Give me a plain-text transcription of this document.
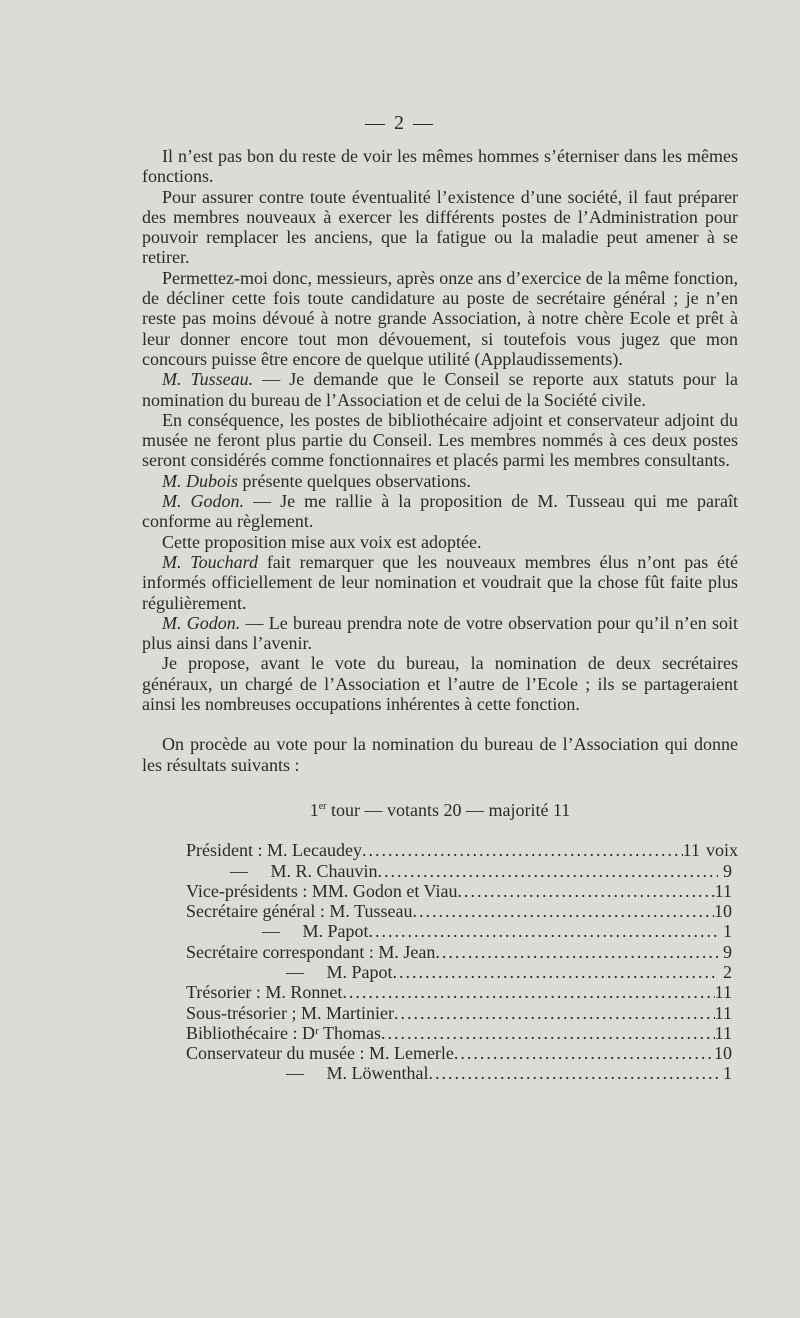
— 2 —

Il n’est pas bon du reste de voir les mêmes hommes s’éterniser dans les mêmes fonctions.

Pour assurer contre toute éventualité l’existence d’une société, il faut préparer des membres nouveaux à exercer les différents postes de l’Administration pour pouvoir remplacer les anciens, que la fatigue ou la maladie peut amener à se retirer.

Permettez-moi donc, messieurs, après onze ans d’exercice de la même fonction, de décliner cette fois toute candidature au poste de secrétaire général ; je n’en reste pas moins dévoué à notre grande Association, à notre chère Ecole et prêt à leur donner encore tout mon dévouement, si toutefois vous jugez que mon concours puisse être encore de quelque utilité (Applaudissements).

M. Tusseau. — Je demande que le Conseil se reporte aux statuts pour la nomination du bureau de l’Association et de celui de la Société civile.

En conséquence, les postes de bibliothécaire adjoint et conservateur adjoint du musée ne feront plus partie du Conseil. Les membres nommés à ces deux postes seront considérés comme fonctionnaires et placés parmi les membres consultants.

M. Dubois présente quelques observations.

M. Godon. — Je me rallie à la proposition de M. Tusseau qui me paraît conforme au règlement.

Cette proposition mise aux voix est adoptée.

M. Touchard fait remarquer que les nouveaux membres élus n’ont pas été informés officiellement de leur nomination et voudrait que la chose fût faite plus régulièrement.

M. Godon. — Le bureau prendra note de votre observation pour qu’il n’en soit plus ainsi dans l’avenir.

Je propose, avant le vote du bureau, la nomination de deux secrétaires généraux, un chargé de l’Association et l’autre de l’Ecole ; ils se partageraient ainsi les nombreuses occupations inhérentes à cette fonction.

On procède au vote pour la nomination du bureau de l’Association qui donne les résultats suivants :

1er tour — votants 20 — majorité 11
Président : M. Lecaudey .....	11 voix
—     M. R. Chauvin .....	9
Vice-présidents : MM. Godon et Viau .....	11
Secrétaire général : M. Tusseau .....	10
—     M. Papot .....	1
Secrétaire correspondant : M. Jean .....	9
—     M. Papot .....	2
Trésorier : M. Ronnet .....	11
Sous-trésorier ; M. Martinier .....	11
Bibliothécaire : Dʳ Thomas .....	11
Conservateur du musée : M. Lemerle .....	10
—     M. Löwenthal .....	1
